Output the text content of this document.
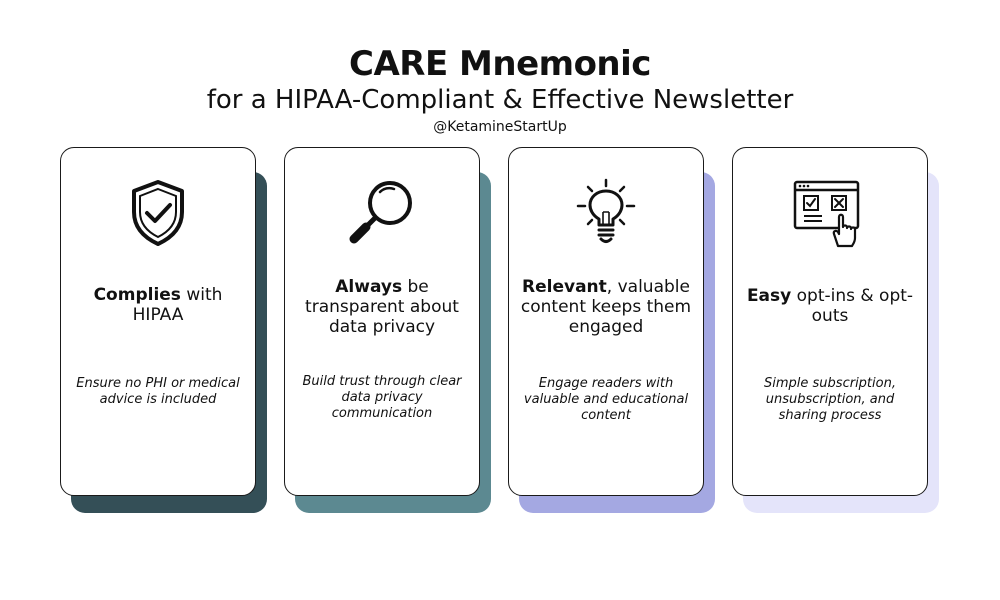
CARE Mnemonic
for a HIPAA-Compliant & Effective Newsletter
@KetamineStartUp
Complies with HIPAA
Ensure no PHI or medical advice is included
Always be transparent about data privacy
Build trust through clear data privacy communication
Relevant, valuable content keeps them engaged
Engage readers with valuable and educational content
Easy opt-ins & opt-outs
Simple subscription, unsubscription, and sharing process
